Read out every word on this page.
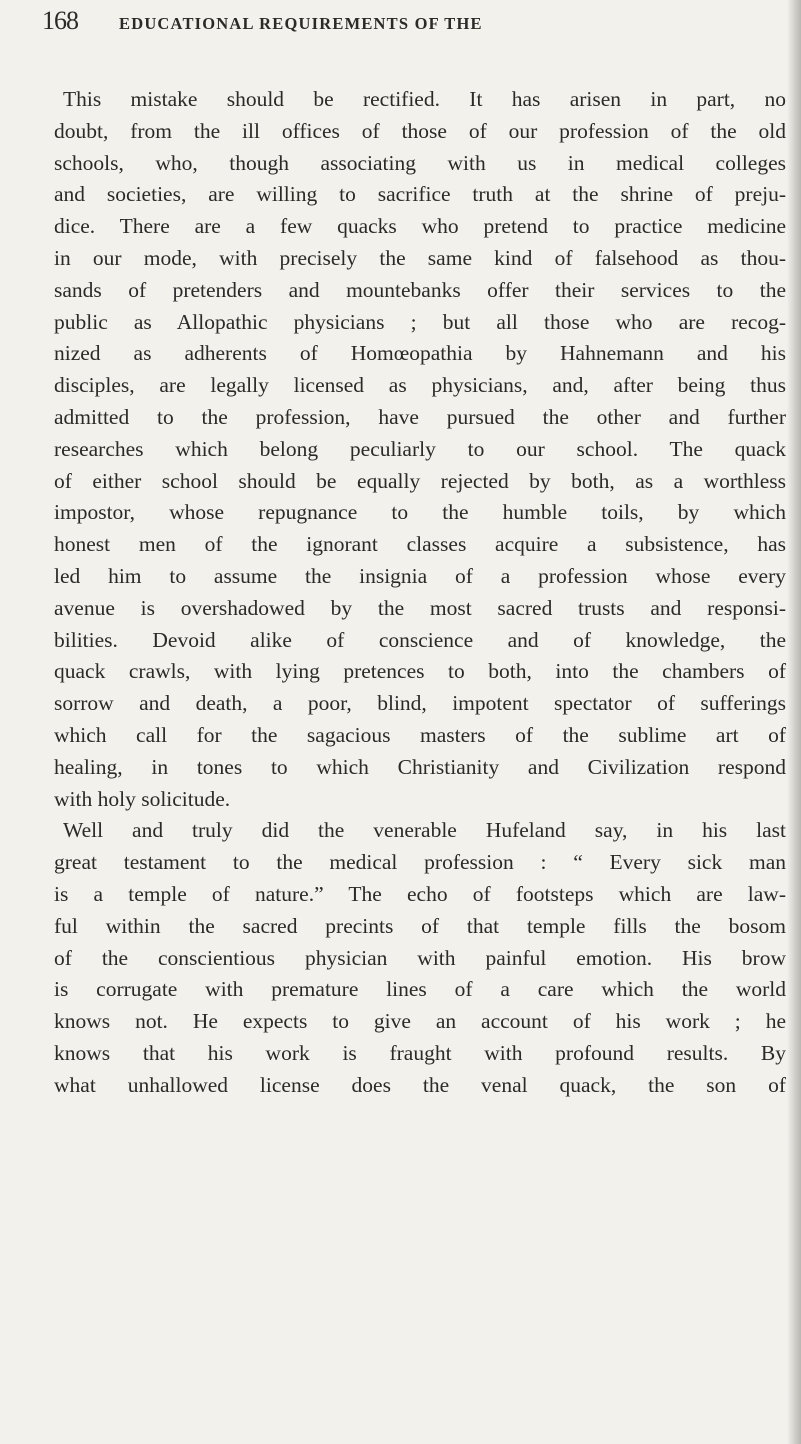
168 EDUCATIONAL REQUIREMENTS OF THE
This mistake should be rectified. It has arisen in part, no
doubt, from the ill offices of those of our profession of the old
schools, who, though associating with us in medical colleges
and societies, are willing to sacrifice truth at the shrine of preju-
dice. There are a few quacks who pretend to practice medicine
in our mode, with precisely the same kind of falsehood as thou-
sands of pretenders and mountebanks offer their services to the
public as Allopathic physicians ; but all those who are recog-
nized as adherents of Homœopathia by Hahnemann and his
disciples, are legally licensed as physicians, and, after being thus
admitted to the profession, have pursued the other and further
researches which belong peculiarly to our school. The quack
of either school should be equally rejected by both, as a worthless
impostor, whose repugnance to the humble toils, by which
honest men of the ignorant classes acquire a subsistence, has
led him to assume the insignia of a profession whose every
avenue is overshadowed by the most sacred trusts and responsi-
bilities. Devoid alike of conscience and of knowledge, the
quack crawls, with lying pretences to both, into the chambers of
sorrow and death, a poor, blind, impotent spectator of sufferings
which call for the sagacious masters of the sublime art of
healing, in tones to which Christianity and Civilization respond
with holy solicitude.
Well and truly did the venerable Hufeland say, in his last
great testament to the medical profession : “ Every sick man
is a temple of nature.” The echo of footsteps which are law-
ful within the sacred precints of that temple fills the bosom
of the conscientious physician with painful emotion. His brow
is corrugate with premature lines of a care which the world
knows not. He expects to give an account of his work ; he
knows that his work is fraught with profound results. By
what unhallowed license does the venal quack, the son of
